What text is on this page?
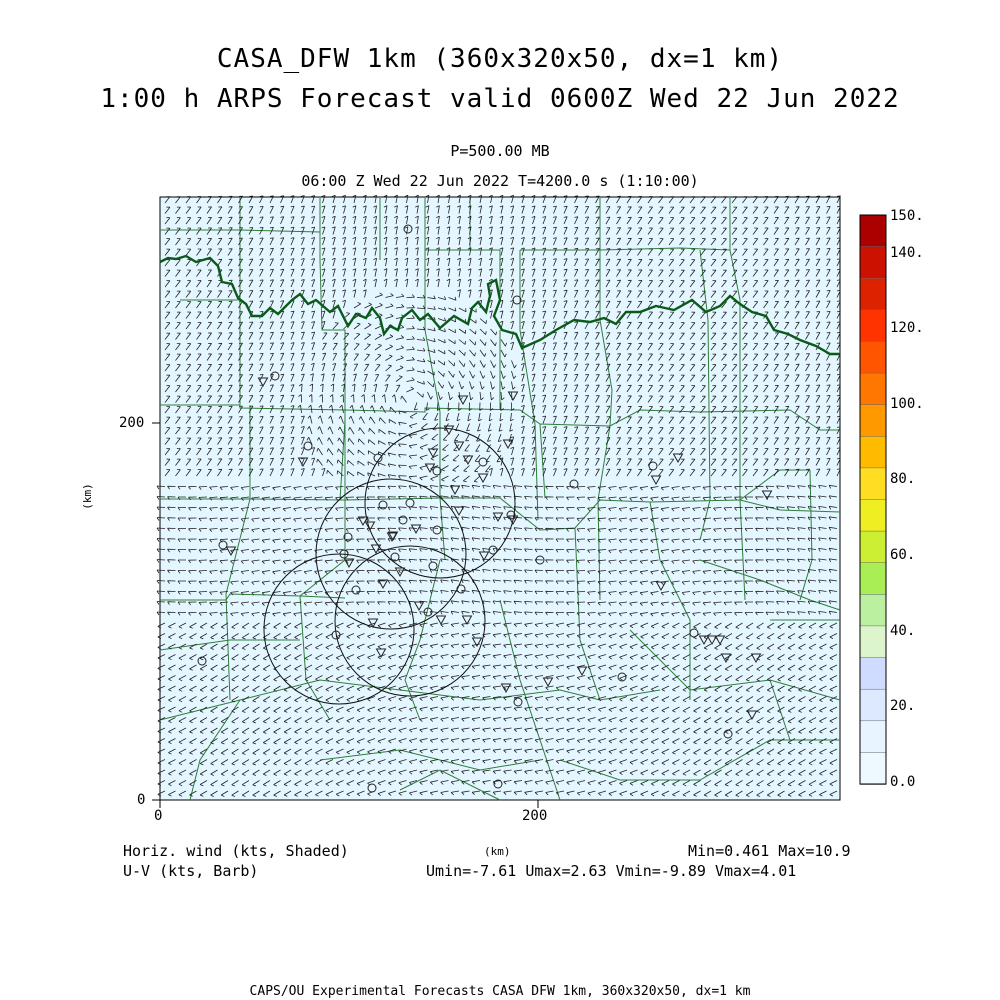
CASA_DFW 1km (360x320x50, dx=1 km)
1:00 h ARPS Forecast valid 0600Z Wed 22 Jun 2022
P=500.00 MB
06:00 Z Wed 22 Jun 2022 T=4200.0 s (1:10:00)
0	200
0
200
(km)
(km)
150.
140.
120.
100.
80.
60.
40.
20.
0.0
Horiz. wind (kts, Shaded)
U-V (kts, Barb)
Min=0.461 Max=10.9
Umin=-7.61 Umax=2.63 Vmin=-9.89 Vmax=4.01
CAPS/OU Experimental Forecasts CASA DFW 1km, 360x320x50, dx=1 km
